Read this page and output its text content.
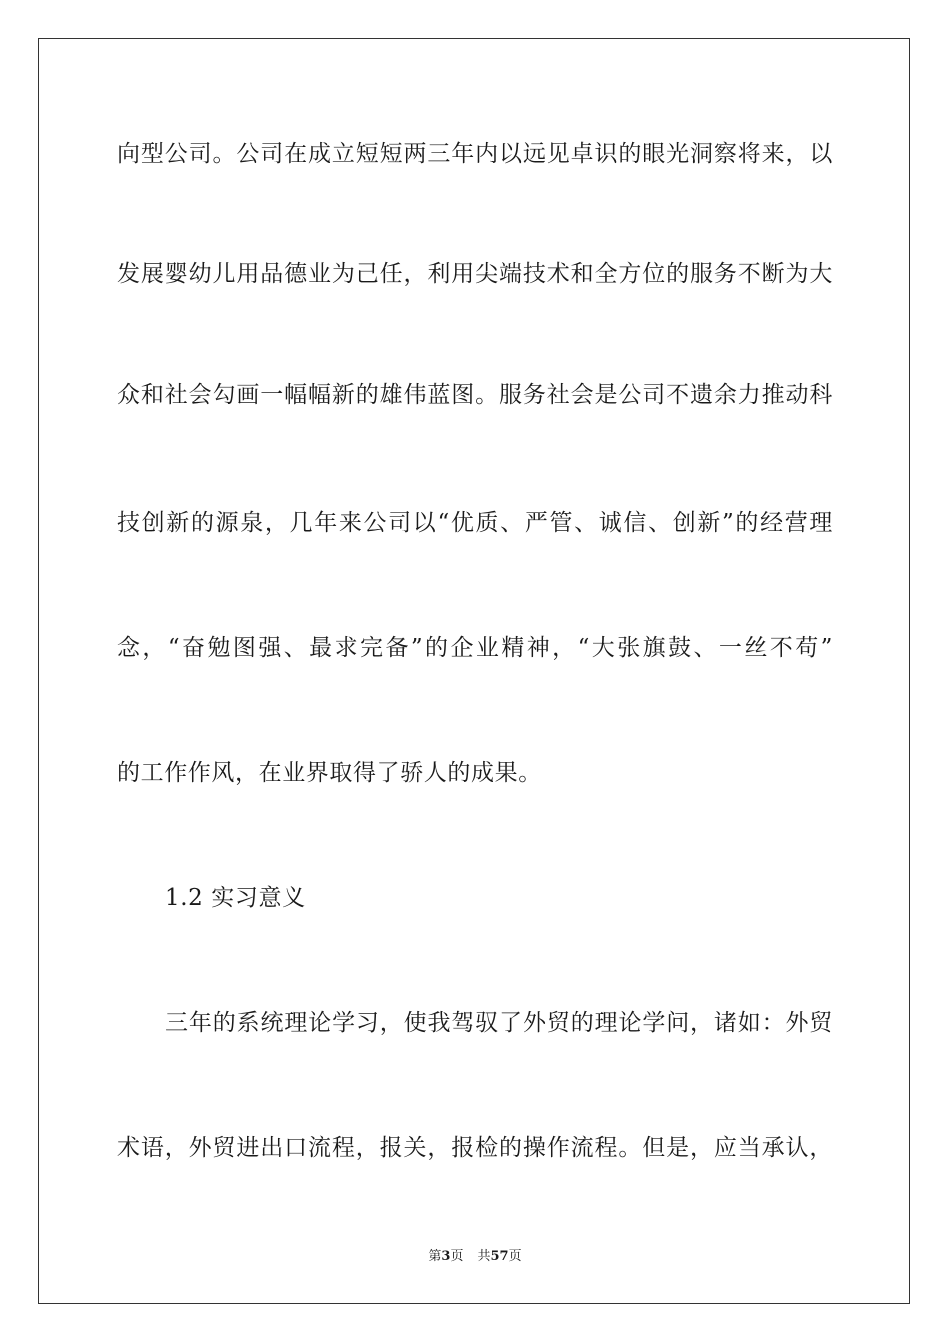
向型公司。公司在成立短短两三年内以远见卓识的眼光洞察将来，以
发展婴幼儿用品德业为己任，利用尖端技术和全方位的服务不断为大
众和社会勾画一幅幅新的雄伟蓝图。服务社会是公司不遗余力推动科
技创新的源泉，几年来公司以“优质、严管、诚信、创新”的经营理
念，“奋勉图强、最求完备”的企业精神，“大张旗鼓、一丝不苟”
的工作作风，在业界取得了骄人的成果。
1.2 实习意义
三年的系统理论学习，使我驾驭了外贸的理论学问，诸如：外贸
术语，外贸进出口流程，报关，报检的操作流程。但是，应当承认，
第3页 共57页
